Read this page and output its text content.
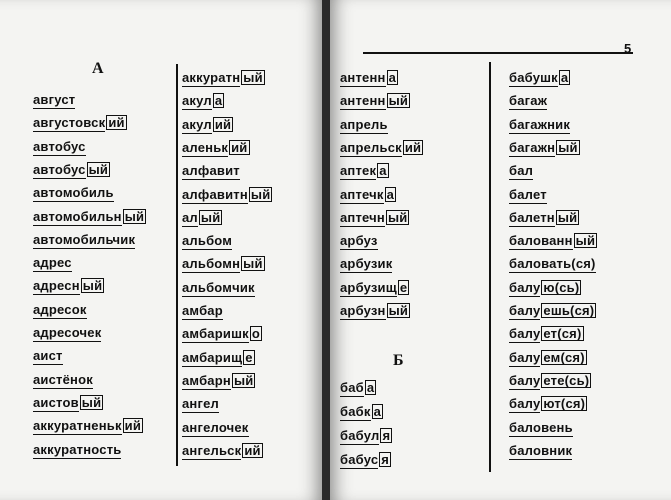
А
август
августовск ий
автобус
автобус ый
автомобиль
автомобильн ый
автомобильчик
адрес
адресн ый
адресок
адресочек
аист
аистёнок
аистов ый
аккуратненьк ий
аккуратность
аккуратн ый
акул а
акул ий
аленьк ий
алфавит
алфавитн ый
ал ый
альбом
альбомн ый
альбомчик
амбар
амбаришк о
амбарищ е
амбарн ый
ангел
ангелочек
ангельск ий
5
антенн а
антенн ый
апрель
апрельск ий
аптек а
аптечк а
аптечн ый
арбуз
арбузик
арбузищ е
арбузн ый
Б
баб а
бабк а
бабул я
бабус я
бабушк а
багаж
багажник
багажн ый
бал
балет
балетн ый
балованн ый
баловать(ся)
балу ю(сь)
балу ешь(ся)
балу ет(ся)
балу ем(ся)
балу ете(сь)
балу ют(ся)
баловень
баловник
